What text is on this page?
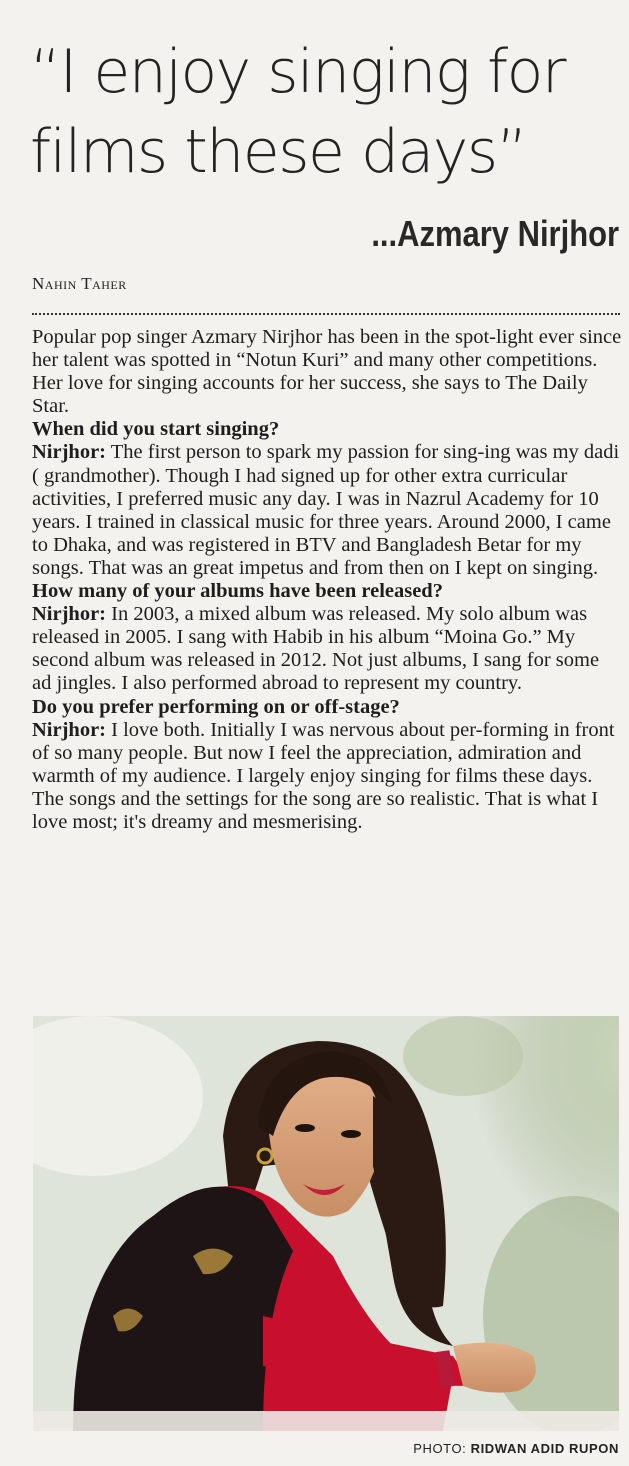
“I enjoy singing for
films these days”
...Azmary Nirjhor
Nahin Taher

Popular pop singer Azmary Nirjhor has been in the spot-light ever since her talent was spotted in “Notun Kuri” and many other competitions. Her love for singing accounts for her success, she says to The Daily Star.

When did you start singing?

Nirjhor: The first person to spark my passion for sing-ing was my dadi ( grandmother). Though I had signed up for other extra curricular activities, I preferred music any day. I was in Nazrul Academy for 10 years. I trained in classical music for three years. Around 2000, I came to Dhaka, and was registered in BTV and Bangladesh Betar for my songs. That was an great impetus and from then on I kept on singing.

How many of your albums have been released?

Nirjhor: In 2003, a mixed album was released. My solo album was released in 2005. I sang with Habib in his album “Moina Go.” My second album was released in 2012. Not just albums, I sang for some ad jingles. I also performed abroad to represent my country.

Do you prefer performing on or off-stage?

Nirjhor: I love both. Initially I was nervous about per-forming in front of so many people. But now I feel the appreciation, admiration and warmth of my audience. I largely enjoy singing for films these days. The songs and the settings for the song are so realistic. That is what I love most; it's dreamy and mesmerising.

PHOTO: RIDWAN ADID RUPON
